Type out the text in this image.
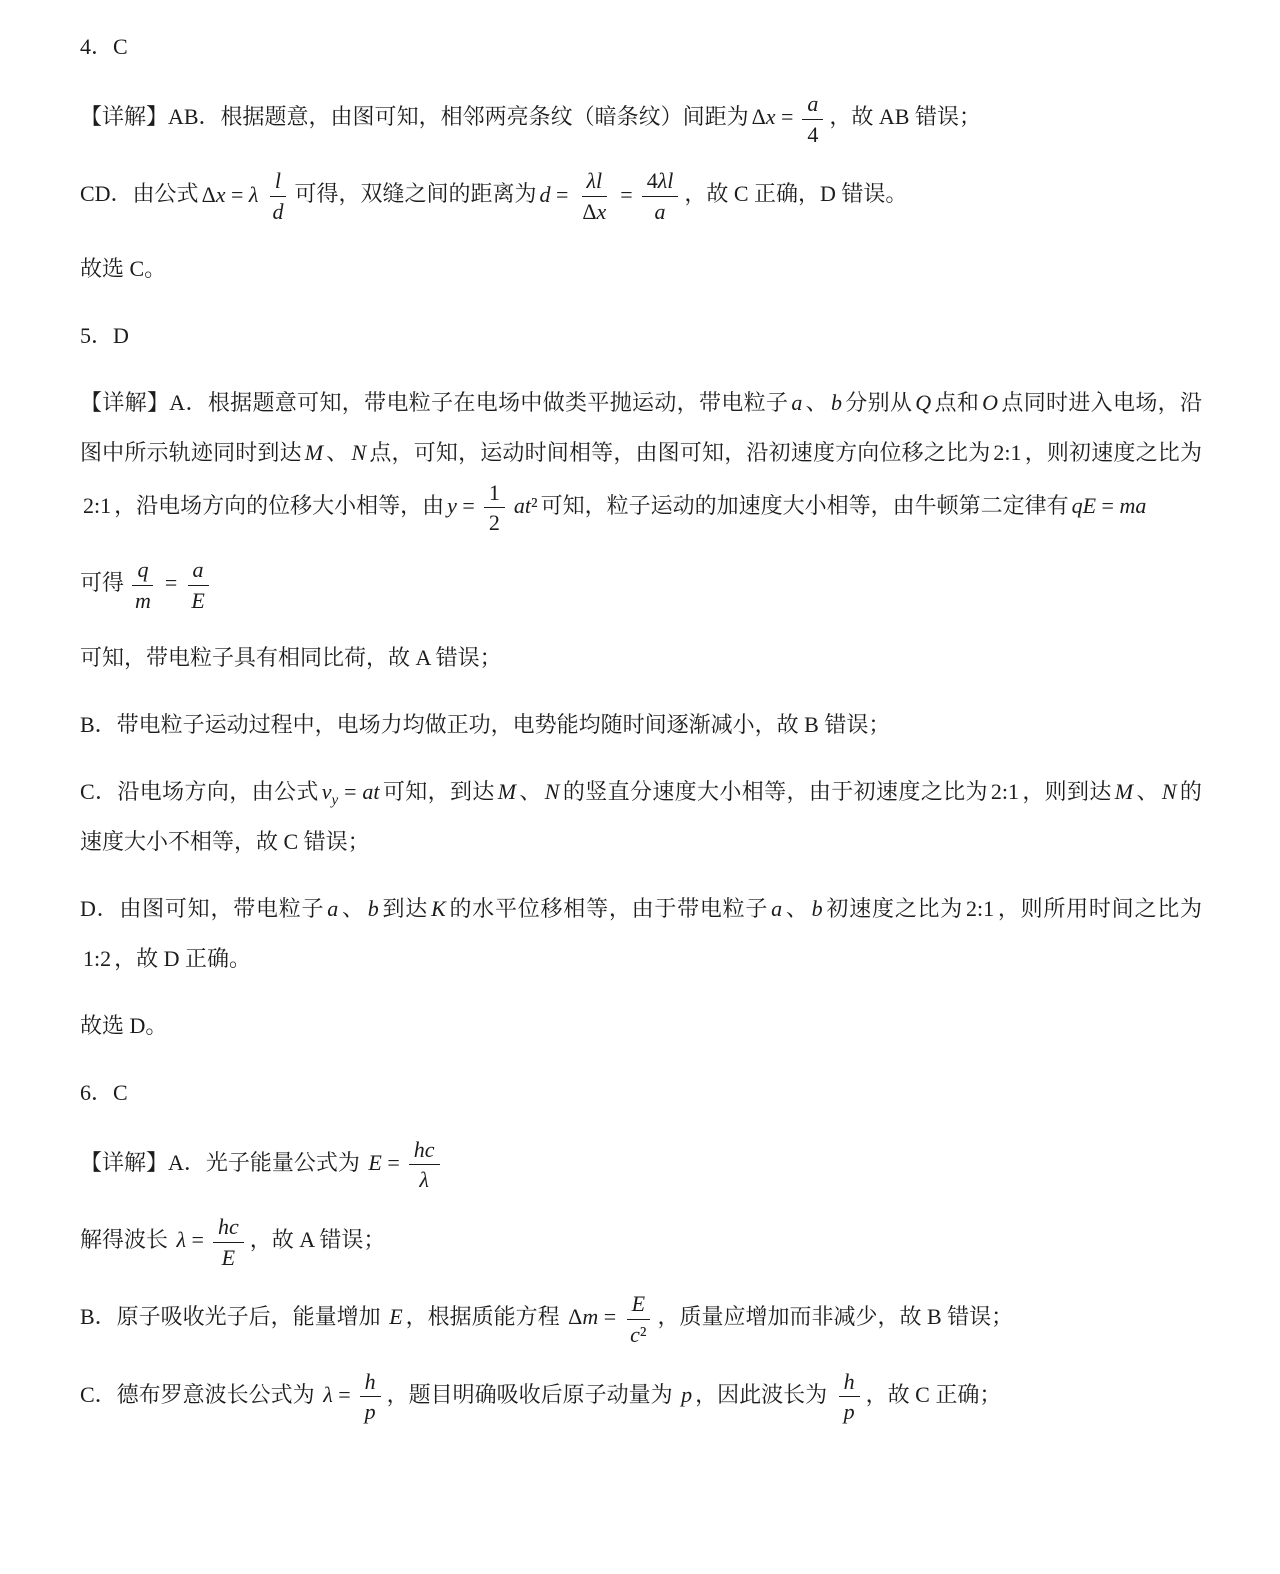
4．C

【详解】AB．根据题意，由图可知，相邻两亮条纹（暗条纹）间距为 $\Delta x = \frac{a}{4}$ ，故 AB 错误；

CD．由公式 Δx = λ $\frac{l}{d}$ 可得，双缝之间的距离为 $d = \frac{\lambda l}{\Delta x} = \frac{4\lambda l}{a}$ ，故 C 正确，D 错误。

故选 C。

5．D

【详解】A．根据题意可知，带电粒子在电场中做类平抛运动，带电粒子 a 、 b 分别从 Q 点和 O 点同时进入电场，沿图中所示轨迹同时到达 M 、 N 点，可知，运动时间相等，由图可知，沿初速度方向位移之比为 2:1 ，则初速度之比为2:1 ，沿电场方向的位移大小相等，由 $y = \frac{1}{2} at^2$ 可知，粒子运动的加速度大小相等，由牛顿第二定律有 qE = ma

可得 $\frac{q}{m} = \frac{a}{E}$

可知，带电粒子具有相同比荷，故 A 错误；

B．带电粒子运动过程中，电场力均做正功，电势能均随时间逐渐减小，故 B 错误；

C．沿电场方向，由公式 $v_y$ = at 可知，到达 M 、 N 的竖直分速度大小相等，由于初速度之比为 2:1 ，则到达 M 、 N 的速度大小不相等，故 C 错误；

D．由图可知，带电粒子 a 、 b 到达 K 的水平位移相等，由于带电粒子 a 、 b 初速度之比为 2:1 ，则所用时间之比为1:2 ，故 D 正确。

故选 D。

6．C

【详解】A．光子能量公式为 $E = \frac{hc}{\lambda}$

解得波长 $\lambda = \frac{hc}{E}$ ，故 A 错误；

B．原子吸收光子后，能量增加 E ，根据质能方程 $\Delta m = \frac{E}{\text{c²}}$ ，质量应增加而非减少，故 B 错误；

C．德布罗意波长公式为 $\lambda = \frac{h}{p}$ ，题目明确吸收后原子动量为 p ，因此波长为 $\frac{h}{p}$ ，故 C 正确；
